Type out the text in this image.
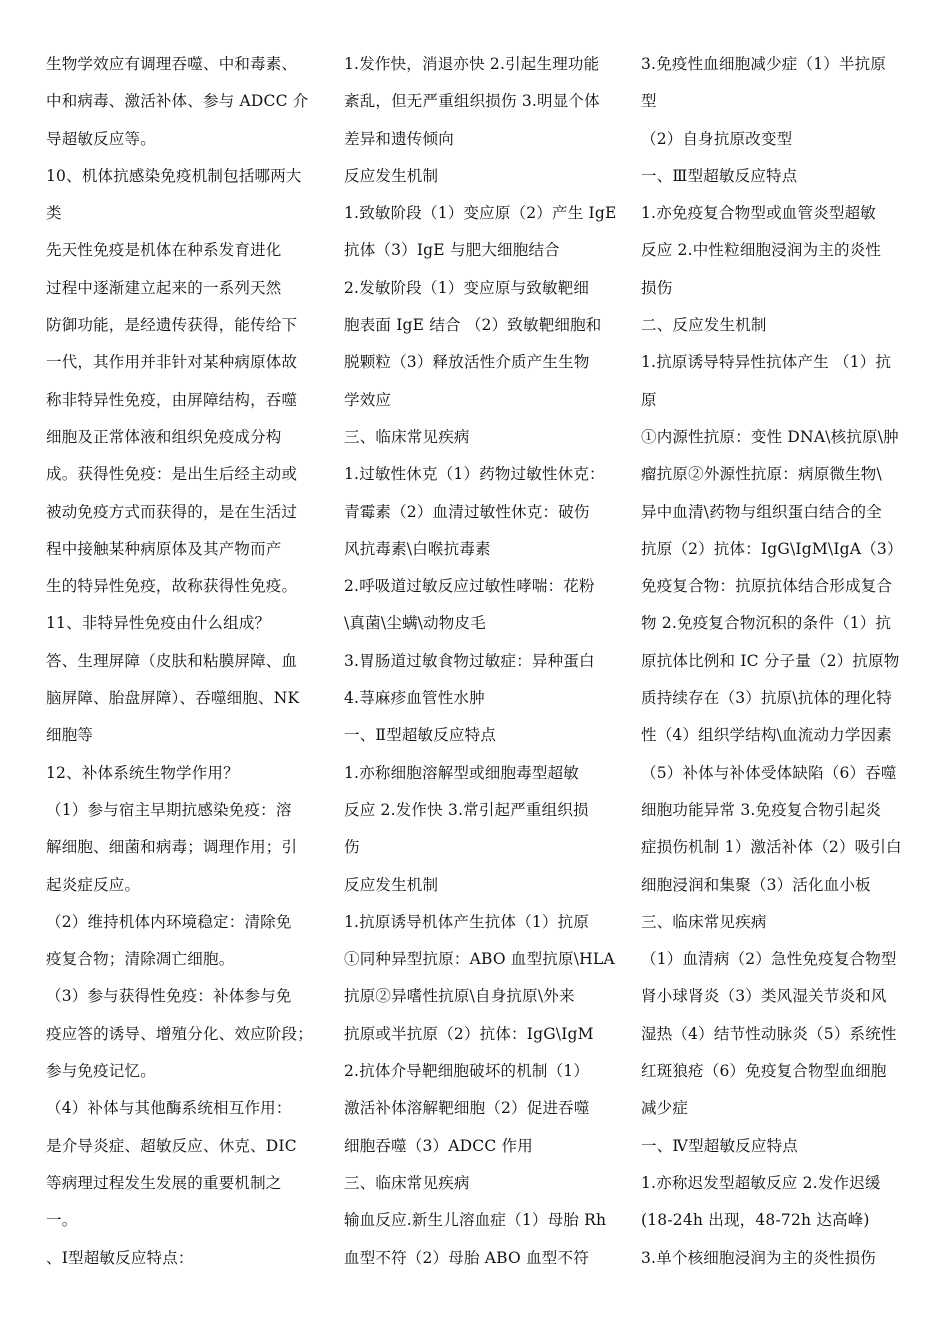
生物学效应有调理吞噬、中和毒素、
中和病毒、激活补体、参与 ADCC 介
导超敏反应等。
10、机体抗感染免疫机制包括哪两大
类
先天性免疫是机体在种系发育进化
过程中逐渐建立起来的一系列天然
防御功能，是经遗传获得，能传给下
一代，其作用并非针对某种病原体故
称非特异性免疫，由屏障结构，吞噬
细胞及正常体液和组织免疫成分构
成。获得性免疫：是出生后经主动或
被动免疫方式而获得的，是在生活过
程中接触某种病原体及其产物而产
生的特异性免疫，故称获得性免疫。
11、非特异性免疫由什么组成？
答、生理屏障（皮肤和粘膜屏障、血
脑屏障、胎盘屏障）、吞噬细胞、NK
细胞等
12、补体系统生物学作用？
（1）参与宿主早期抗感染免疫：溶
解细胞、细菌和病毒；调理作用；引
起炎症反应。
（2）维持机体内环境稳定：清除免
疫复合物；清除凋亡细胞。
（3）参与获得性免疫：补体参与免
疫应答的诱导、增殖分化、效应阶段；
参与免疫记忆。
（4）补体与其他酶系统相互作用：
是介导炎症、超敏反应、休克、DIC
等病理过程发生发展的重要机制之
一。
、Ⅰ型超敏反应特点：
1.发作快，消退亦快 2.引起生理功能
紊乱，但无严重组织损伤 3.明显个体
差异和遗传倾向
反应发生机制
1.致敏阶段（1）变应原（2）产生 IgE
抗体（3）IgE 与肥大细胞结合
2.发敏阶段（1）变应原与致敏靶细
胞表面 IgE 结合 （2）致敏靶细胞和
脱颗粒（3）释放活性介质产生生物
学效应
三、临床常见疾病
1.过敏性休克（1）药物过敏性休克：
青霉素（2）血清过敏性休克：破伤
风抗毒素\白喉抗毒素
2.呼吸道过敏反应过敏性哮喘：花粉
\真菌\尘螨\动物皮毛
3.胃肠道过敏食物过敏症：异种蛋白
4.荨麻疹血管性水肿
一、Ⅱ型超敏反应特点
1.亦称细胞溶解型或细胞毒型超敏
反应 2.发作快 3.常引起严重组织损
伤
反应发生机制
1.抗原诱导机体产生抗体（1）抗原
①同种异型抗原：ABO 血型抗原\HLA
抗原②异嗜性抗原\自身抗原\外来
抗原或半抗原（2）抗体：IgG\IgM
2.抗体介导靶细胞破坏的机制（1）
激活补体溶解靶细胞（2）促进吞噬
细胞吞噬（3）ADCC 作用
三、临床常见疾病
输血反应.新生儿溶血症（1）母胎 Rh
血型不符（2）母胎 ABO 血型不符
3.免疫性血细胞减少症（1）半抗原
型
（2）自身抗原改变型
一、Ⅲ型超敏反应特点
1.亦免疫复合物型或血管炎型超敏
反应 2.中性粒细胞浸润为主的炎性
损伤
二、反应发生机制
1.抗原诱导特异性抗体产生 （1）抗
原
①内源性抗原：变性 DNA\核抗原\肿
瘤抗原②外源性抗原：病原微生物\
异中血清\药物与组织蛋白结合的全
抗原（2）抗体：IgG\IgM\IgA（3）
免疫复合物：抗原抗体结合形成复合
物 2.免疫复合物沉积的条件（1）抗
原抗体比例和 IC 分子量（2）抗原物
质持续存在（3）抗原\抗体的理化特
性（4）组织学结构\血流动力学因素
（5）补体与补体受体缺陷（6）吞噬
细胞功能异常 3.免疫复合物引起炎
症损伤机制 1）激活补体（2）吸引白
细胞浸润和集聚（3）活化血小板
三、临床常见疾病
（1）血清病（2）急性免疫复合物型
肾小球肾炎（3）类风湿关节炎和风
湿热（4）结节性动脉炎（5）系统性
红斑狼疮（6）免疫复合物型血细胞
减少症
一、Ⅳ型超敏反应特点
1.亦称迟发型超敏反应 2.发作迟缓
(18-24h 出现，48-72h 达高峰)
3.单个核细胞浸润为主的炎性损伤
